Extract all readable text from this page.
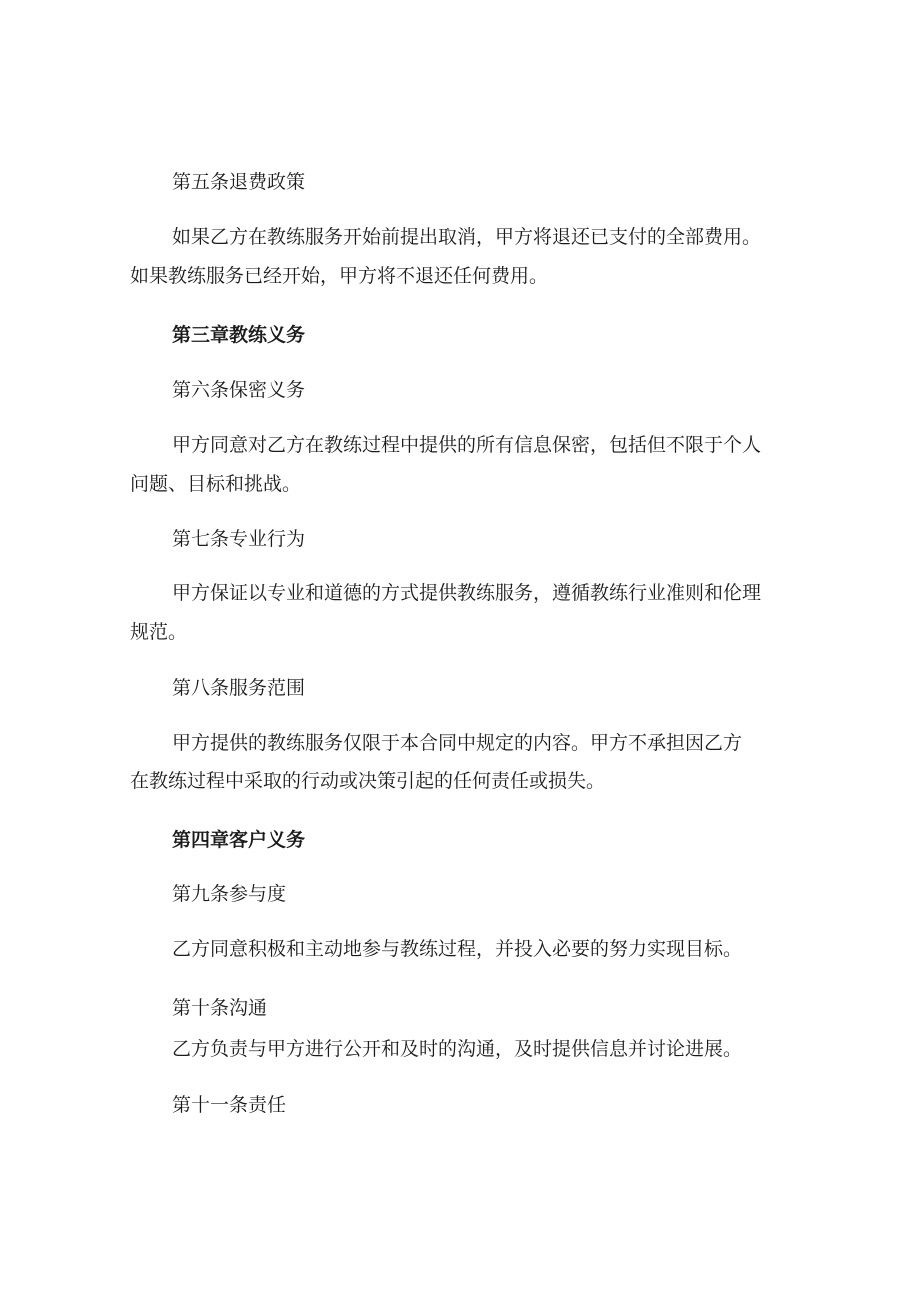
第五条退费政策

如果乙方在教练服务开始前提出取消，甲方将退还已支付的全部费用。

如果教练服务已经开始，甲方将不退还任何费用。

第三章教练义务

第六条保密义务

甲方同意对乙方在教练过程中提供的所有信息保密，包括但不限于个人

问题、目标和挑战。

第七条专业行为

甲方保证以专业和道德的方式提供教练服务，遵循教练行业准则和伦理

规范。

第八条服务范围

甲方提供的教练服务仅限于本合同中规定的内容。甲方不承担因乙方

在教练过程中采取的行动或决策引起的任何责任或损失。

第四章客户义务

第九条参与度

乙方同意积极和主动地参与教练过程，并投入必要的努力实现目标。

第十条沟通

乙方负责与甲方进行公开和及时的沟通，及时提供信息并讨论进展。

第十一条责任
